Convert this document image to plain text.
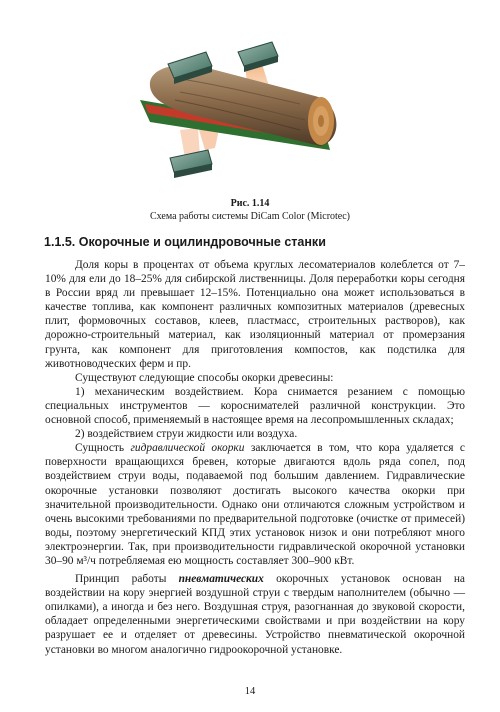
Рис. 1.14
Схема работы системы DiCam Color (Microtec)
1.1.5. Окорочные и оцилиндровочные станки

Доля коры в процентах от объема круглых лесоматериалов колеблется от 7–10% для ели до 18–25% для сибирской лиственницы. Доля переработки коры сегодня в России вряд ли превышает 12–15%. Потенциально она может использоваться в качестве топлива, как компонент различных композитных материалов (древесных плит, формовочных составов, клеев, пластмасс, строительных растворов), как дорожно-строительный материал, как изоляционный материал от промерзания грунта, как компонент для приготовления компостов, как подстилка для животноводческих ферм и пр.

Существуют следующие способы окорки древесины:

1) механическим воздействием. Кора снимается резанием с помощью специальных инструментов — короснимателей различной конструкции. Это основной способ, применяемый в настоящее время на лесопромышленных складах;

2) воздействием струи жидкости или воздуха.

Сущность гидравлической окорки заключается в том, что кора удаляется с поверхности вращающихся бревен, которые двигаются вдоль ряда сопел, под воздействием струи воды, подаваемой под большим давлением. Гидравлические окорочные установки позволяют достигать высокого качества окорки при значительной производительности. Однако они отличаются сложным устройством и очень высокими требованиями по предварительной подготовке (очистке от примесей) воды, поэтому энергетический КПД этих установок низок и они потребляют много электроэнергии. Так, при производительности гидравлической окорочной установки 30–90 м³/ч потребляемая ею мощность составляет 300–900 кВт.

Принцип работы пневматических окорочных установок основан на воздействии на кору энергией воздушной струи с твердым наполнителем (обычно — опилками), а иногда и без него. Воздушная струя, разогнанная до звуковой скорости, обладает определенными энергетическими свойствами и при воздействии на кору разрушает ее и отделяет от древесины. Устройство пневматической окорочной установки во многом аналогично гидроокорочной установке.

14
